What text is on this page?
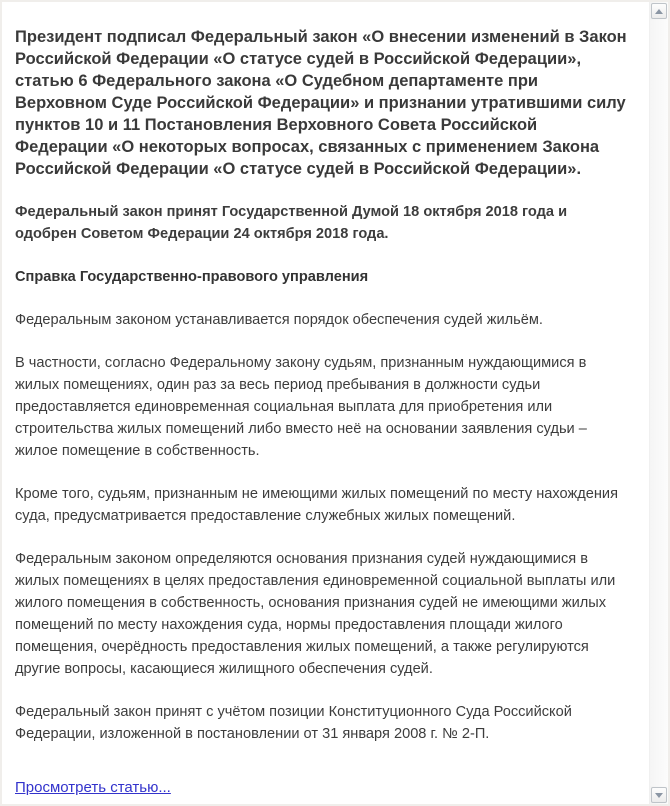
Президент подписал Федеральный закон «О внесении изменений в Закон Российской Федерации «О статусе судей в Российской Федерации», статью 6 Федерального закона «О Судебном департаменте при Верховном Суде Российской Федерации» и признании утратившими силу пунктов 10 и 11 Постановления Верховного Совета Российской Федерации «О некоторых вопросах, связанных с применением Закона Российской Федерации «О статусе судей в Российской Федерации».

Федеральный закон принят Государственной Думой 18 октября 2018 года и одобрен Советом Федерации 24 октября 2018 года.

Справка Государственно-правового управления

Федеральным законом устанавливается порядок обеспечения судей жильём.

В частности, согласно Федеральному закону судьям, признанным нуждающимися в жилых помещениях, один раз за весь период пребывания в должности судьи предоставляется единовременная социальная выплата для приобретения или строительства жилых помещений либо вместо неё на основании заявления судьи – жилое помещение в собственность.

Кроме того, судьям, признанным не имеющими жилых помещений по месту нахождения суда, предусматривается предоставление служебных жилых помещений.

Федеральным законом определяются основания признания судей нуждающимися в жилых помещениях в целях предоставления единовременной социальной выплаты или жилого помещения в собственность, основания признания судей не имеющими жилых помещений по месту нахождения суда, нормы предоставления площади жилого помещения, очерёдность предоставления жилых помещений, а также регулируются другие вопросы, касающиеся жилищного обеспечения судей.

Федеральный закон принят с учётом позиции Конституционного Суда Российской Федерации, изложенной в постановлении от 31 января 2008 г. № 2-П.

Просмотреть статью...
